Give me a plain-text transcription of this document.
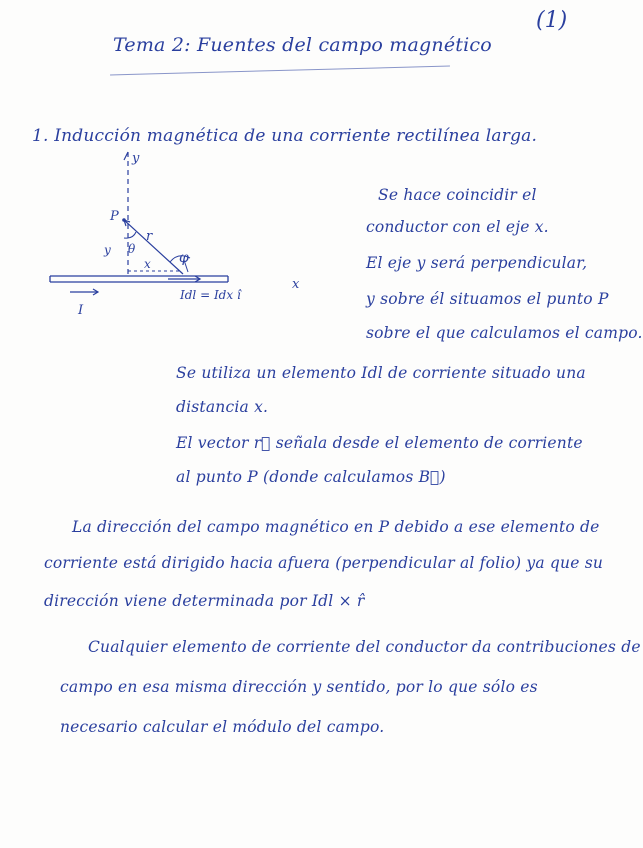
(1)
Tema 2: Fuentes del campo magnético
1. Inducción magnética de una corriente rectilínea larga.
y
x
P
r
θ
y
x φ
Idl = Idx î
I
Se hace coincidir el
conductor con el eje x.
El eje y será perpendicular,
y sobre él situamos el punto P
sobre el que calculamos el campo.
Se utiliza un elemento Idl de corriente situado una
distancia x.
El vector r⃗ señala desde el elemento de corriente
al punto P (donde calculamos B⃗)
La dirección del campo magnético en P debido a ese elemento de
corriente está dirigido hacia afuera (perpendicular al folio) ya que su
dirección viene determinada por Idl × r̂
Cualquier elemento de corriente del conductor da contribuciones de
campo en esa misma dirección y sentido, por lo que sólo es
necesario calcular el módulo del campo.
